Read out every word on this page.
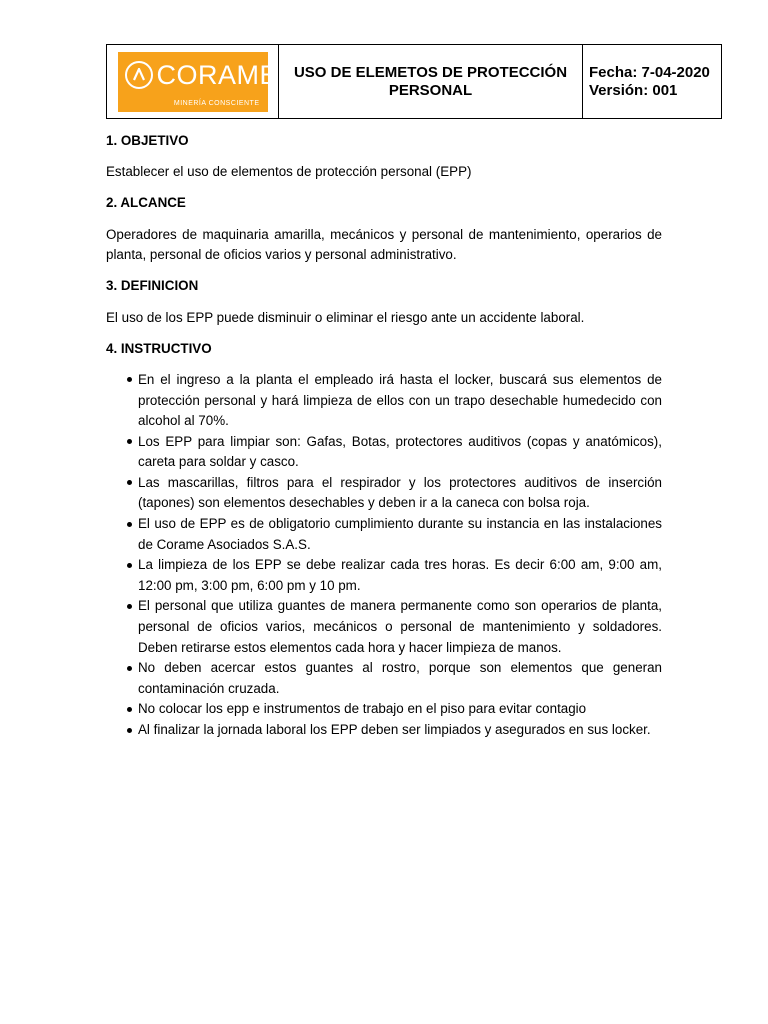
CORAME
MINERÍA CONSCIENTE
USO DE ELEMETOS DE PROTECCIÓN
PERSONAL
Fecha: 7-04-2020
Versión: 001

1. OBJETIVO

Establecer el uso de elementos de protección personal (EPP)

2. ALCANCE

Operadores de maquinaria amarilla, mecánicos y personal de mantenimiento, operarios de planta, personal de oficios varios y personal administrativo.

3. DEFINICION

El uso de los EPP puede disminuir o eliminar el riesgo ante un accidente laboral.

4. INSTRUCTIVO

En el ingreso a la planta el empleado irá hasta el locker, buscará sus elementos de protección personal y hará limpieza de ellos con un trapo desechable humedecido con alcohol al 70%.
Los EPP para limpiar son: Gafas, Botas, protectores auditivos (copas y anatómicos), careta para soldar y casco.
Las mascarillas, filtros para el respirador y los protectores auditivos de inserción (tapones) son elementos desechables y deben ir a la caneca con bolsa roja.
El uso de EPP es de obligatorio cumplimiento durante su instancia en las instalaciones de Corame Asociados S.A.S.
La limpieza de los EPP se debe realizar cada tres horas. Es decir 6:00 am, 9:00 am, 12:00 pm, 3:00 pm, 6:00 pm y 10 pm.
El personal que utiliza guantes de manera permanente como son operarios de planta, personal de oficios varios, mecánicos o personal de mantenimiento y soldadores. Deben retirarse estos elementos cada hora y hacer limpieza de manos.
No deben acercar estos guantes al rostro, porque son elementos que generan contaminación cruzada.
No colocar los epp e instrumentos de trabajo en el piso para evitar contagio
Al finalizar la jornada laboral los EPP deben ser limpiados y asegurados en sus locker.
